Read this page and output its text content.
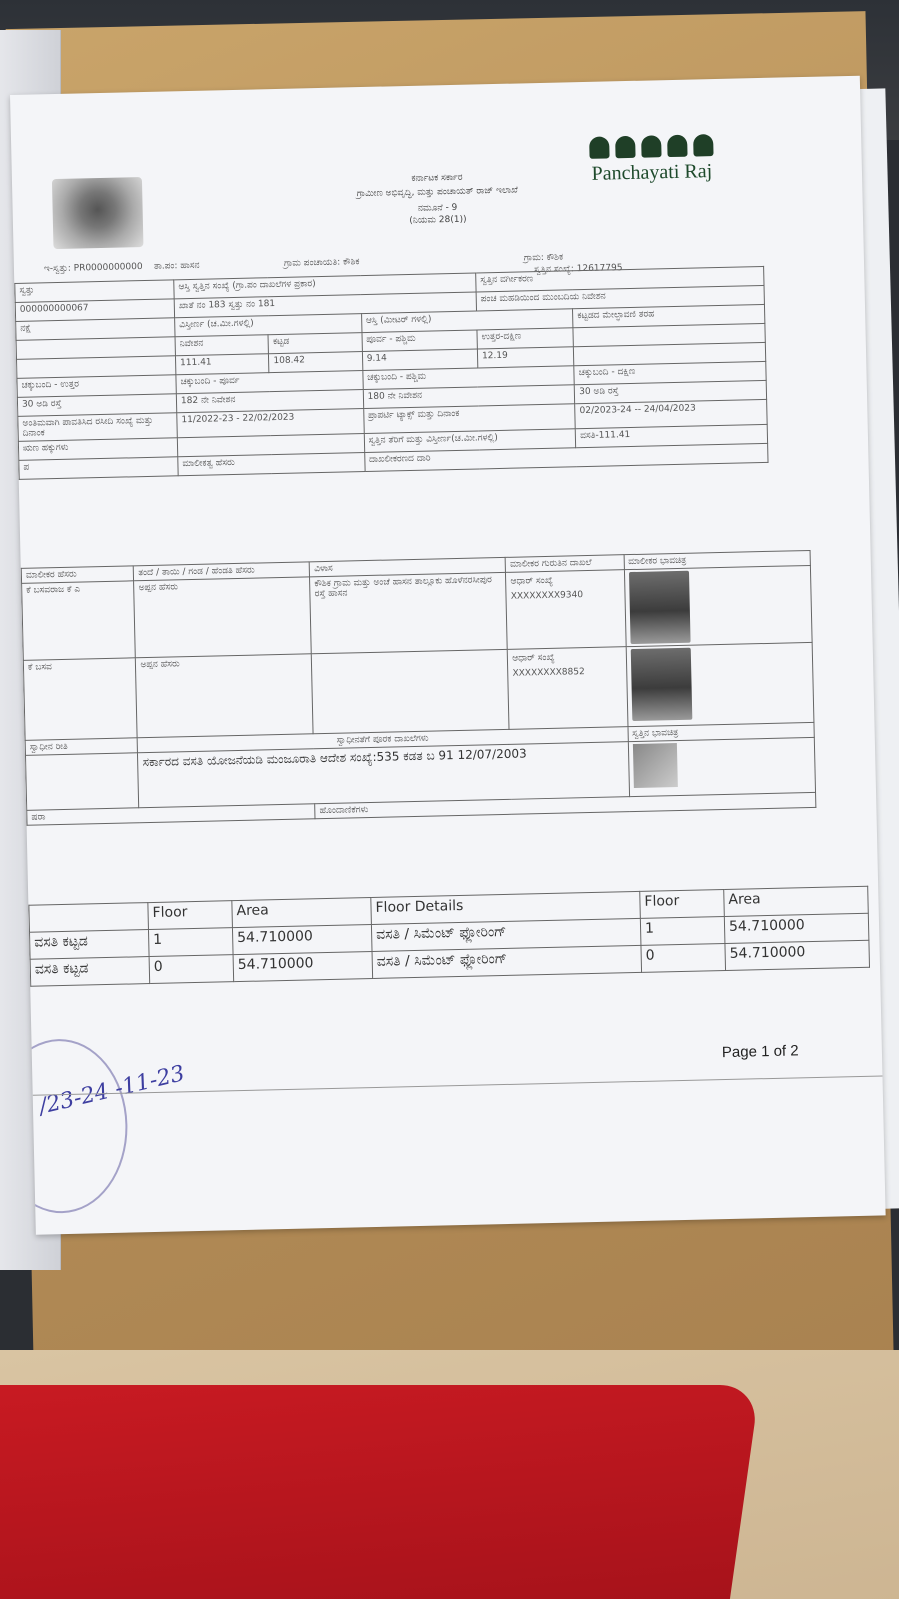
ಕರ್ನಾಟಕ ಸರ್ಕಾರ
ಗ್ರಾಮೀಣ ಅಭಿವೃದ್ಧಿ, ಮತ್ತು ಪಂಚಾಯತ್ ರಾಜ್ ಇಲಾಖೆ
ನಮೂನೆ - 9
(ನಿಯಮ 28(1))
Panchayati Raj
ಇ-ಸ್ವತ್ತು: PR0000000000 ತಾ.ಪಂ: ಹಾಸನ	ಗ್ರಾಮ ಪಂಚಾಯತಿ: ಕೌಶಿಕ	ಗ್ರಾಮ: ಕೌಶಿಕ
ಸ್ವತ್ತಿನ ಸಂಖ್ಯೆ: 12617795
ಸ್ವತ್ತು	ಆಸ್ತಿ ಸ್ವತ್ತಿನ ಸಂಖ್ಯೆ (ಗ್ರಾ.ಪಂ ದಾಖಲೆಗಳ ಪ್ರಕಾರ)			ಸ್ವತ್ತಿನ ವರ್ಗೀಕರಣ	
000000000067	ಖಾತೆ ನಂ 183 ಸ್ವತ್ತು ನಂ 181			ಪಂಚ ಮಹಡಿಯಿಂದ ಮುಂಬದಿಯ ನಿವೇಶನ	
ನಕ್ಷೆ	ವಿಸ್ತೀರ್ಣ (ಚ.ಮೀ.ಗಳಲ್ಲಿ)		ಆಸ್ತಿ (ಮೀಟರ್ ಗಳಲ್ಲಿ)		ಕಟ್ಟಡದ ಮೇಲ್ಛಾವಣಿ ತರಹ
	ನಿವೇಶನ	ಕಟ್ಟಡ	ಪೂರ್ವ - ಪಶ್ಚಿಮ	ಉತ್ತರ-ದಕ್ಷಿಣ	
	111.41	108.42	9.14	12.19	
ಚಕ್ಕುಬಂದಿ - ಉತ್ತರ	ಚಕ್ಕುಬಂದಿ - ಪೂರ್ವ		ಚಕ್ಕುಬಂದಿ - ಪಶ್ಚಿಮ		ಚಕ್ಕುಬಂದಿ - ದಕ್ಷಿಣ
30 ಅಡಿ ರಸ್ತೆ	182 ನೇ ನಿವೇಶನ		180 ನೇ ನಿವೇಶನ		30 ಅಡಿ ರಸ್ತೆ
ಅಂತಿಮವಾಗಿ ಪಾವತಿಸಿದ ರಸೀದಿ ಸಂಖ್ಯೆ ಮತ್ತು ದಿನಾಂಕ	11/2022-23 - 22/02/2023		ಪ್ರಾಪರ್ಟಿ ಟ್ಯಾಕ್ಸ್ ಮತ್ತು ದಿನಾಂಕ		02/2023-24 -- 24/04/2023
ಋಣ ಹಕ್ಕುಗಳು			ಸ್ವತ್ತಿನ ತೆರಿಗೆ ಮತ್ತು ವಿಸ್ತೀರ್ಣ(ಚ.ಮೀ.ಗಳಲ್ಲಿ)		ವಸತಿ-111.41
ಪ	ಮಾಲೀಕತ್ವ ಹೆಸರು		ದಾಖಲೀಕರಣದ ದಾರಿ		
ಮಾಲೀಕರ ಹೆಸರು	ತಂದೆ / ತಾಯಿ / ಗಂಡ / ಹೆಂಡತಿ ಹೆಸರು	ವಿಳಾಸ	ಮಾಲೀಕರ ಗುರುತಿನ ದಾಖಲೆ	ಮಾಲೀಕರ ಭಾವಚಿತ್ರ
ಕೆ ಬಸವರಾಜ ಕೆ ಎ	ಅಪ್ಪನ ಹೆಸರು	ಕೌಶಿಕ ಗ್ರಾಮ ಮತ್ತು ಅಂಚೆ ಹಾಸನ ತಾಲ್ಲೂಕು ಹೊಳೆನರಸೀಪುರ ರಸ್ತೆ ಹಾಸನ	ಆಧಾರ್ ಸಂಖ್ಯೆ XXXXXXXX9340	

ಕೆ ಬಸವ	ಅಪ್ಪನ ಹೆಸರು		ಆಧಾರ್ ಸಂಖ್ಯೆ XXXXXXXX8852	

ಸ್ವಾಧೀನ ರೀತಿ	ಸ್ವಾಧೀನತೆಗೆ ಪೂರಕ ದಾಖಲೆಗಳು			ಸ್ವತ್ತಿನ ಭಾವಚಿತ್ರ
	ಸರ್ಕಾರದ ವಸತಿ ಯೋಜನೆಯಡಿ ಮಂಜೂರಾತಿ ಆದೇಶ ಸಂಖ್ಯೆ:535 ಕಡತ ಬ 91 12/07/2003			
ಷರಾ		ಹೊಂದಾಣಿಕೆಗಳು		
	Floor	Area	Floor Details	Floor	Area
ವಸತಿ ಕಟ್ಟಡ	1	54.710000	ವಸತಿ / ಸಿಮೆಂಟ್ ಫ್ಲೋರಿಂಗ್	1	54.710000
ವಸತಿ ಕಟ್ಟಡ	0	54.710000	ವಸತಿ / ಸಿಮೆಂಟ್ ಫ್ಲೋರಿಂಗ್	0	54.710000
/23-24 -11-23
Page 1 of 2
